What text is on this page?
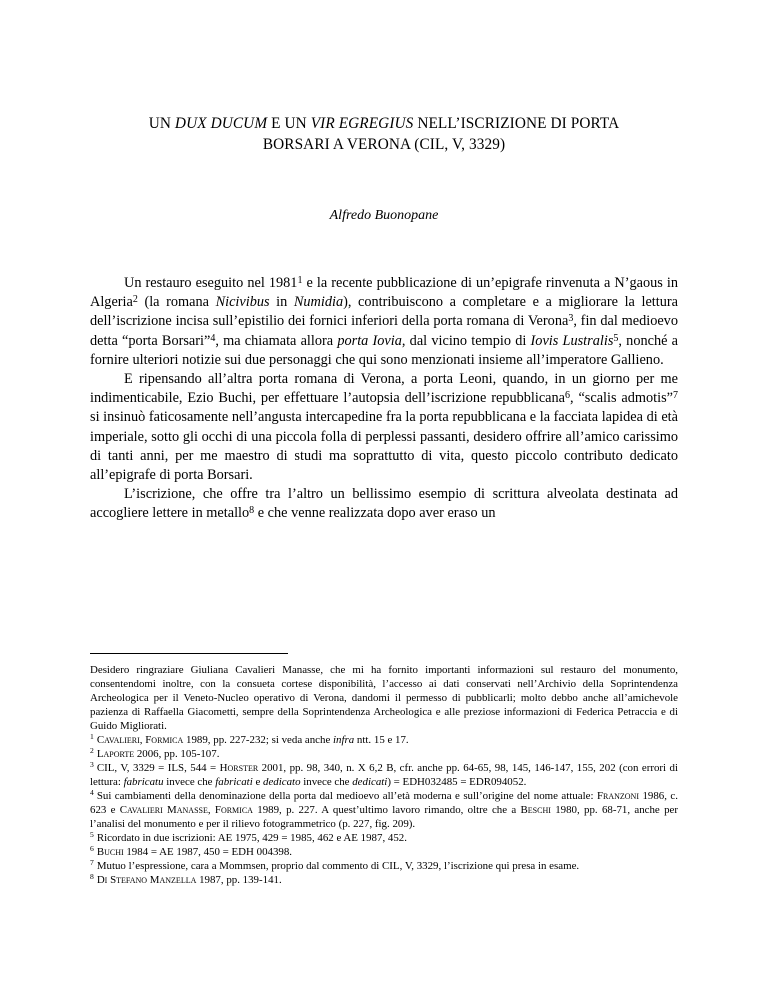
UN DUX DUCUM E UN VIR EGREGIUS NELL’ISCRIZIONE DI PORTA
BORSARI A VERONA (CIL, V, 3329)
Alfredo Buonopane

Un restauro eseguito nel 1981$^1$ e la recente pubblicazione di un’epigrafe rinvenuta a N’gaous in Algeria$^2$ (la romana Nicivibus in Numidia), contribuiscono a completare e a migliorare la lettura dell’iscrizione incisa sull’epistilio dei fornici inferiori della porta romana di Verona$^3$, fin dal medioevo detta “porta Borsari”$^4$, ma chiamata allora porta Iovia, dal vicino tempio di Iovis Lustralis$^5$, nonché a fornire ulteriori notizie sui due personaggi che qui sono menzionati insieme all’imperatore Gallieno.

E ripensando all’altra porta romana di Verona, a porta Leoni, quando, in un giorno per me indimenticabile, Ezio Buchi, per effettuare l’autopsia dell’iscrizione repubblicana$^6$, “scalis admotis”$^7$ si insinuò faticosamente nell’angusta intercapedine fra la porta repubblicana e la facciata lapidea di età imperiale, sotto gli occhi di una piccola folla di perplessi passanti, desidero offrire all’amico carissimo di tanti anni, per me maestro di studi ma soprattutto di vita, questo piccolo contributo dedicato all’epigrafe di porta Borsari.

L’iscrizione, che offre tra l’altro un bellissimo esempio di scrittura alveolata destinata ad accogliere lettere in metallo$^8$ e che venne realizzata dopo aver eraso un

Desidero ringraziare Giuliana Cavalieri Manasse, che mi ha fornito importanti informazioni sul restauro del monumento, consentendomi inoltre, con la consueta cortese disponibilità, l’accesso ai dati conservati nell’Archivio della Soprintendenza Archeologica per il Veneto-Nucleo operativo di Verona, dandomi il permesso di pubblicarli; molto debbo anche all’amichevole pazienza di Raffaella Giacometti, sempre della Soprintendenza Archeologica e alle preziose informazioni di Federica Petraccia e di Guido Migliorati.

$^1$ Cavalieri, Formica 1989, pp. 227-232; si veda anche infra ntt. 15 e 17.

$^2$ Laporte 2006, pp. 105-107.

$^3$ CIL, V, 3329 = ILS, 544 = Horster 2001, pp. 98, 340, n. X 6,2 B, cfr. anche pp. 64-65, 98, 145, 146-147, 155, 202 (con errori di lettura: fabricatu invece che fabricati e dedicato invece che dedicati) = EDH032485 = EDR094052.

$^4$ Sui cambiamenti della denominazione della porta dal medioevo all’età moderna e sull’origine del nome attuale: Franzoni 1986, c. 623 e Cavalieri Manasse, Formica 1989, p. 227. A quest’ultimo lavoro rimando, oltre che a Beschi 1980, pp. 68-71, anche per l’analisi del monumento e per il rilievo fotogrammetrico (p. 227, fig. 209).

$^5$ Ricordato in due iscrizioni: AE 1975, 429 = 1985, 462 e AE 1987, 452.

$^6$ Buchi 1984 = AE 1987, 450 = EDH 004398.

$^7$ Mutuo l’espressione, cara a Mommsen, proprio dal commento di CIL, V, 3329, l’iscrizione qui presa in esame.

$^8$ Di Stefano Manzella 1987, pp. 139-141.
